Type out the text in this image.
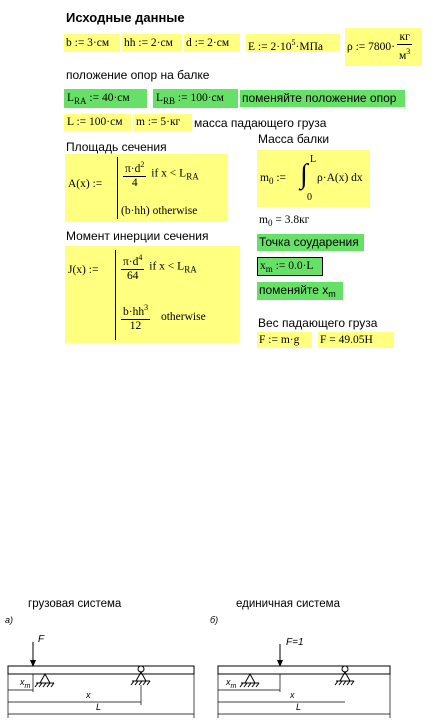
Исходные данные
b := 3·см	hh := 2·см	d := 2·см	E := $2\cdot 10^5\cdot МПа$	ρ := $7800\cdot \frac{кг}{м^3}$
положение опор на балке
$L_{RA}$ := 40·см	$L_{RB}$ := 100·см	поменяйте положение опор
L := 100·см	m := 5·кг	масса падающего груза
Площадь сечения
A(x) := $\frac{\pi\cdot d^2}{4}$ if $x < L_{RA}$
(b·hh) otherwise
Масса балки
$m_0$ := ∫ L
0
ρ·A(x) dx
$m_0 = 3.8кг$
Точка соударения
$x_m$ := 0.0·L
поменяйте $x_m$
Момент инерции сечения
J(x) := $\frac{\pi\cdot d^4}{64}$ if $x < L_{RA}$
$\frac{b\cdot hh^3}{12}$ otherwise	Вес падающего груза
F := m·g	F = 49.05Н
грузовая система	единичная система
а)	б)
F
$x_m$
x
L
F=1
$x_m$
x
L
